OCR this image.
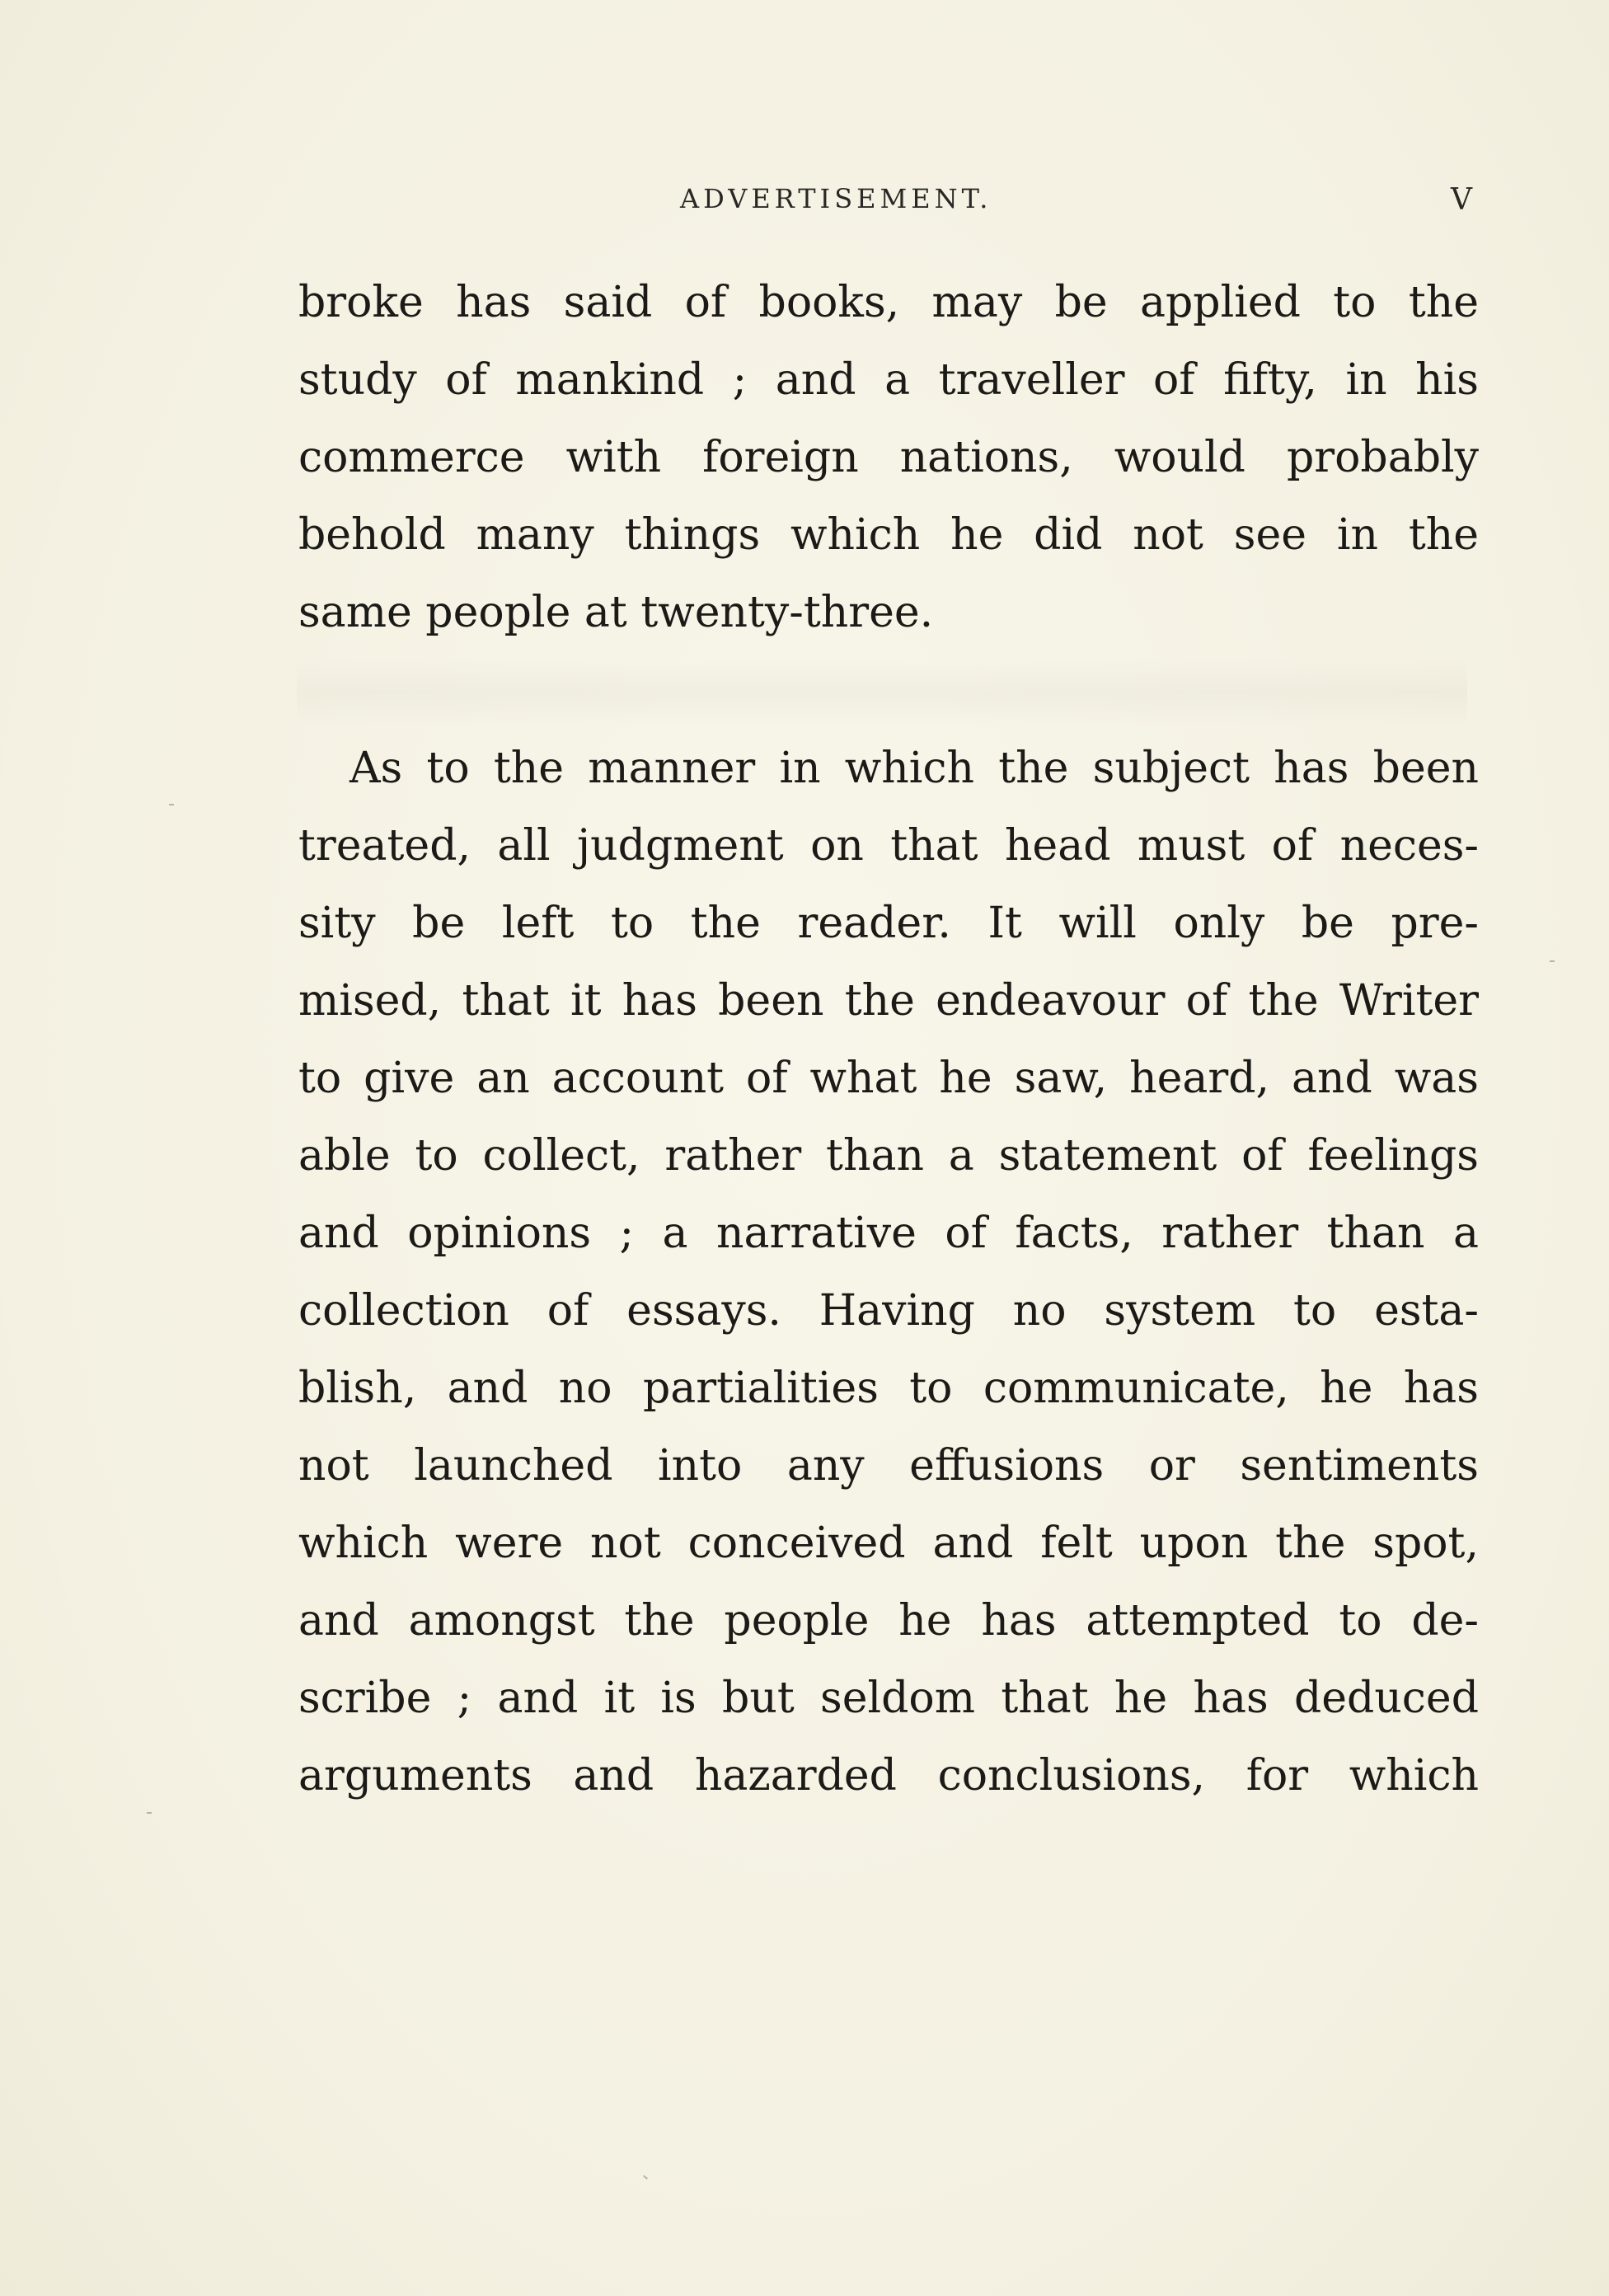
ADVERTISEMENT.	V
broke has said of books, may be applied to the
study of mankind ; and a traveller of fifty, in his
commerce with foreign nations, would probably
behold many things which he did not see in the
same people at twenty-three.
As to the manner in which the subject has been
treated, all judgment on that head must of neces-
sity be left to the reader. It will only be pre-
mised, that it has been the endeavour of the Writer
to give an account of what he saw, heard, and was
able to collect, rather than a statement of feelings
and opinions ; a narrative of facts, rather than a
collection of essays. Having no system to esta-
blish, and no partialities to communicate, he has
not launched into any effusions or sentiments
which were not conceived and felt upon the spot,
and amongst the people he has attempted to de-
scribe ; and it is but seldom that he has deduced
arguments and hazarded conclusions, for which
